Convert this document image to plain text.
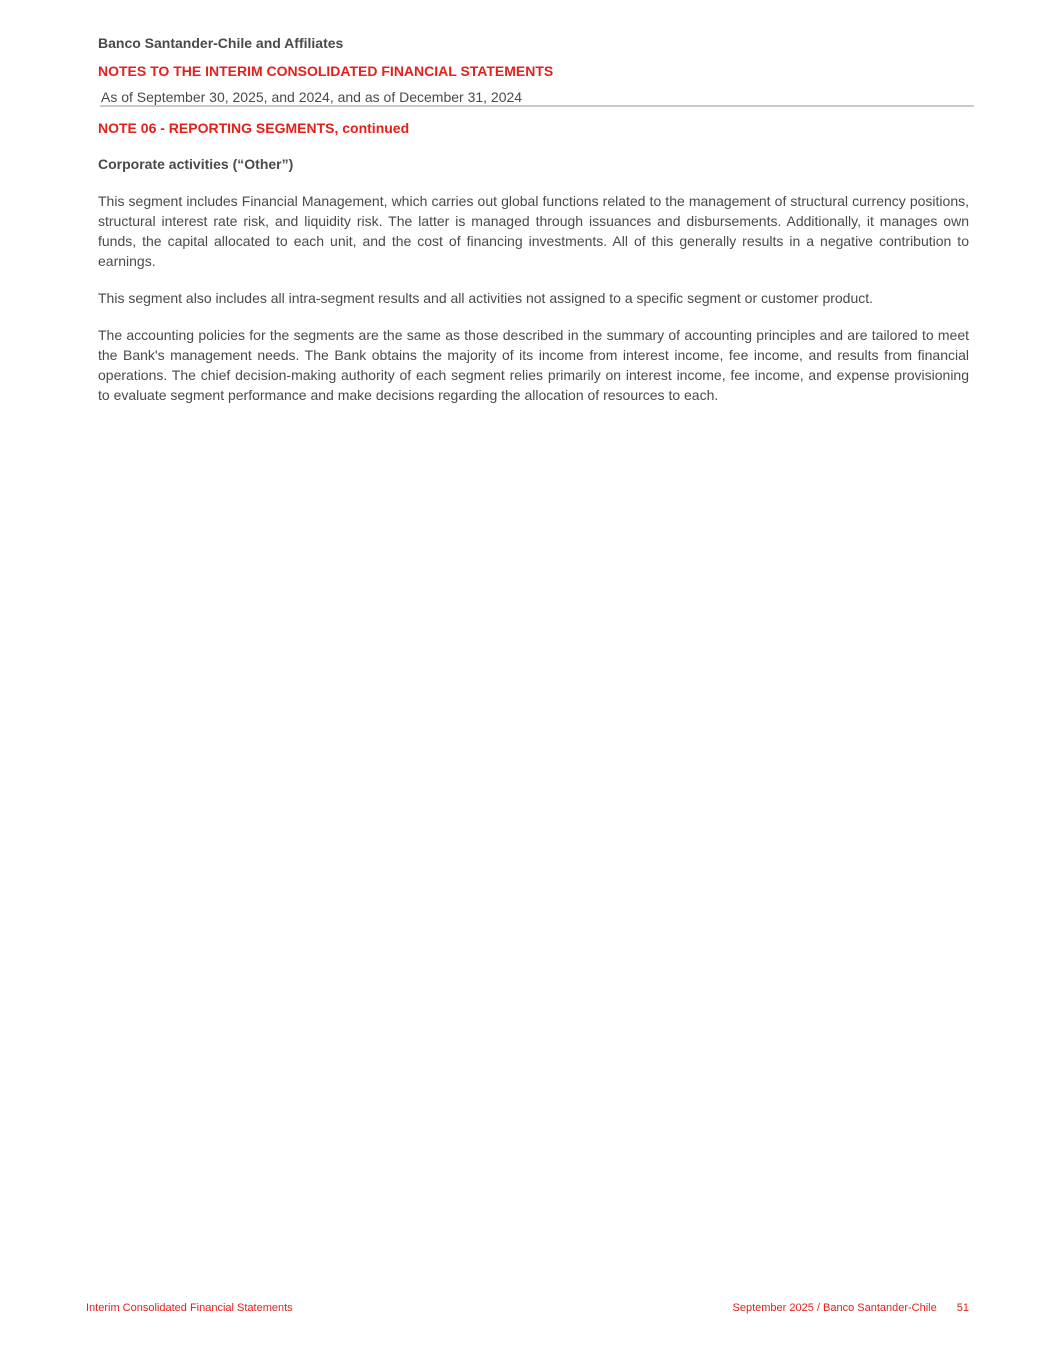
Banco Santander-Chile and Affiliates
NOTES TO THE INTERIM CONSOLIDATED FINANCIAL STATEMENTS
As of September 30, 2025, and 2024, and as of December 31, 2024
NOTE 06 - REPORTING SEGMENTS, continued
Corporate activities (“Other”)

This segment includes Financial Management, which carries out global functions related to the management of structural currency positions, structural interest rate risk, and liquidity risk. The latter is managed through issuances and disbursements. Additionally, it manages own funds, the capital allocated to each unit, and the cost of financing investments. All of this generally results in a negative contribution to earnings.

This segment also includes all intra-segment results and all activities not assigned to a specific segment or customer product.

The accounting policies for the segments are the same as those described in the summary of accounting principles and are tailored to meet the Bank's management needs. The Bank obtains the majority of its income from interest income, fee income, and results from financial operations. The chief decision-making authority of each segment relies primarily on interest income, fee income, and expense provisioning to evaluate segment performance and make decisions regarding the allocation of resources to each.

Interim Consolidated Financial Statements	September 2025 / Banco Santander-Chile 51
